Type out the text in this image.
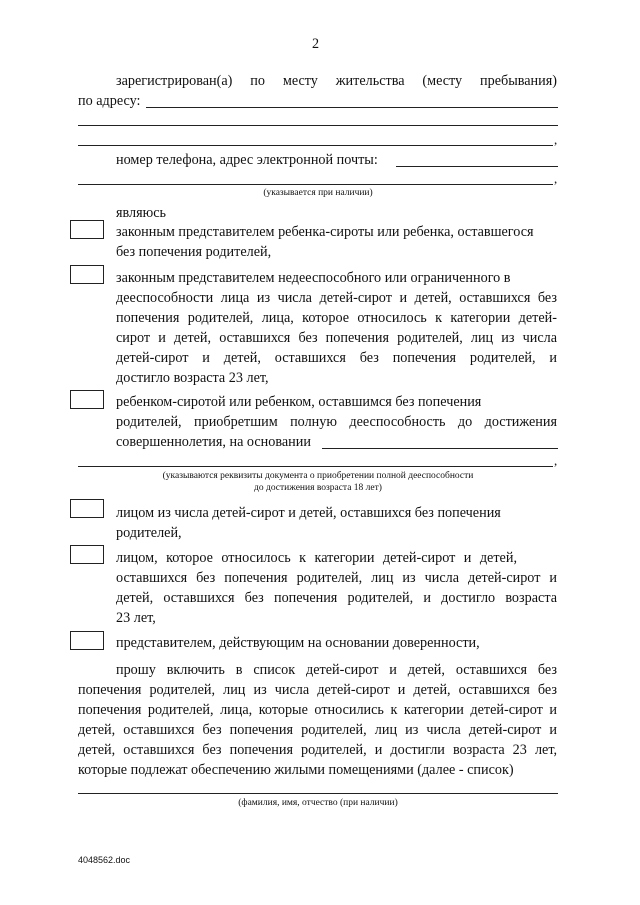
2
зарегистрирован(а) по месту жительства (месту пребывания)
по адресу:
,
номер телефона, адрес электронной почты:
,
(указывается при наличии)
являюсь
законным представителем ребенка-сироты или ребенка, оставшегося
без попечения родителей,
законным представителем недееспособного или ограниченного в
дееспособности лица из числа детей-сирот и детей, оставшихся без
попечения родителей, лица, которое относилось к категории детей-
сирот и детей, оставшихся без попечения родителей, лиц из числа
детей-сирот и детей, оставшихся без попечения родителей, и
достигло возраста 23 лет,
ребенком-сиротой или ребенком, оставшимся без попечения
родителей, приобретшим полную дееспособность до достижения
совершеннолетия, на основании
,
(указываются реквизиты документа о приобретении полной дееспособности
до достижения возраста 18 лет)
лицом из числа детей-сирот и детей, оставшихся без попечения
родителей,
лицом, которое относилось к категории детей-сирот и детей,
оставшихся без попечения родителей, лиц из числа детей-сирот и
детей, оставшихся без попечения родителей, и достигло возраста
23 лет,
представителем, действующим на основании доверенности,
прошу включить в список детей-сирот и детей, оставшихся без
попечения родителей, лиц из числа детей-сирот и детей, оставшихся без
попечения родителей, лица, которые относились к категории детей-сирот и
детей, оставшихся без попечения родителей, лиц из числа детей-сирот и
детей, оставшихся без попечения родителей, и достигли возраста 23 лет,
которые подлежат обеспечению жилыми помещениями (далее - список)
(фамилия, имя, отчество (при наличии)
4048562.doc
